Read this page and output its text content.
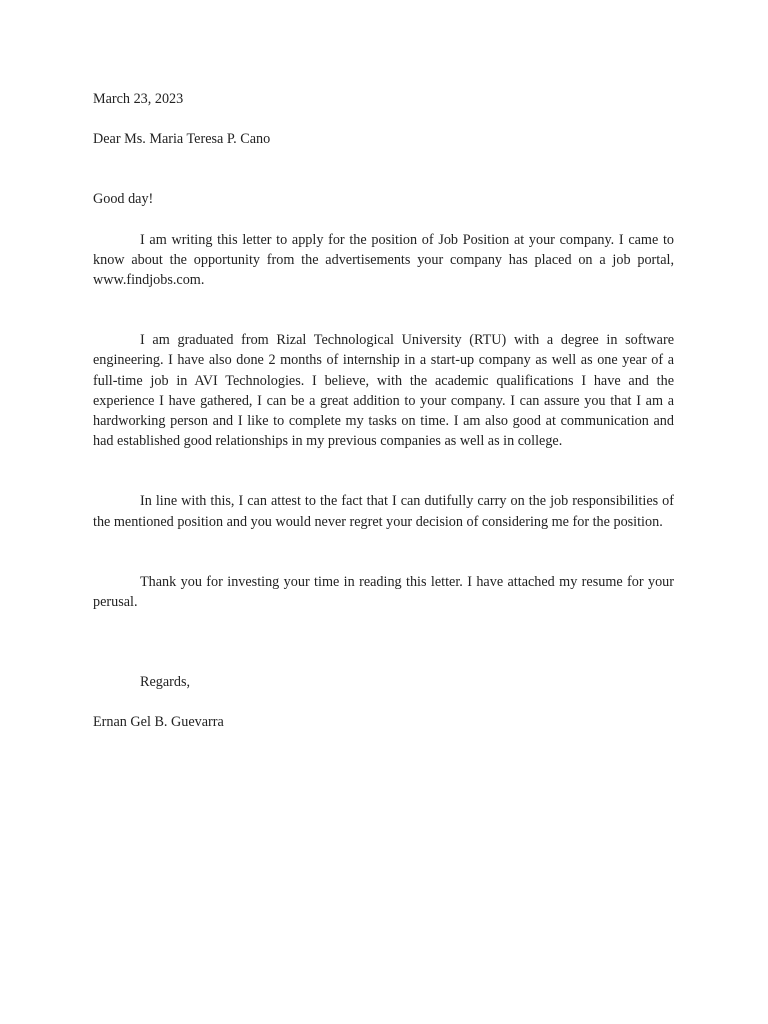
March 23, 2023

Dear Ms. Maria Teresa P. Cano

Good day!

I am writing this letter to apply for the position of Job Position at your company. I came to know about the opportunity from the advertisements your company has placed on a job portal, www.findjobs.com.

I am graduated from Rizal Technological University (RTU) with a degree in software engineering. I have also done 2 months of internship in a start-up company as well as one year of a full-time job in AVI Technologies. I believe, with the academic qualifications I have and the experience I have gathered, I can be a great addition to your company. I can assure you that I am a hardworking person and I like to complete my tasks on time. I am also good at communication and had established good relationships in my previous companies as well as in college.

In line with this, I can attest to the fact that I can dutifully carry on the job responsibilities of the mentioned position and you would never regret your decision of considering me for the position.

Thank you for investing your time in reading this letter. I have attached my resume for your perusal.

Regards,

Ernan Gel B. Guevarra
